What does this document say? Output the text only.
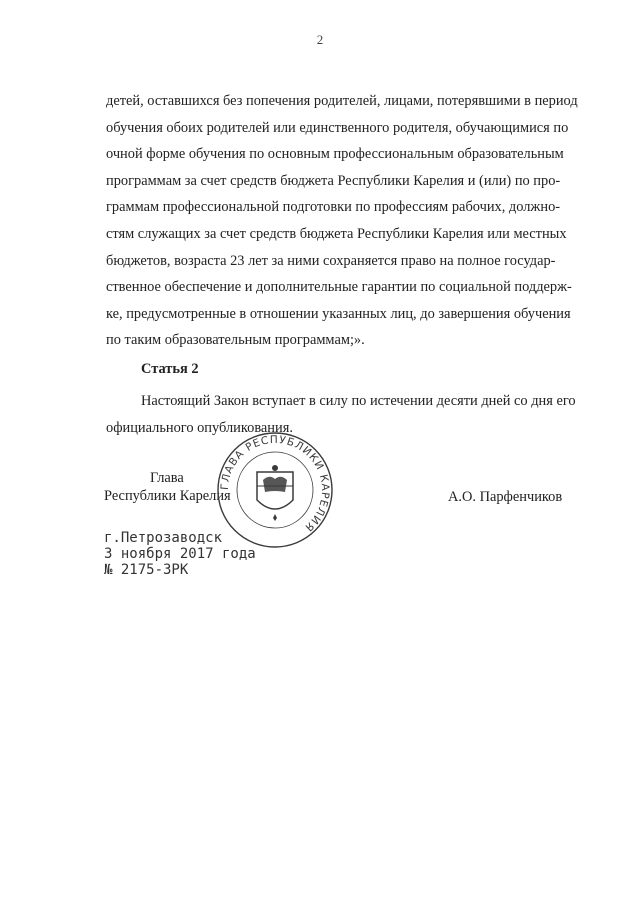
2
детей, оставшихся без попечения родителей, лицами, потерявшими в период
обучения обоих родителей или единственного родителя, обучающимися по
очной форме обучения по основным профессиональным образовательным
программам за счет средств бюджета Республики Карелия и (или) по про-
граммам профессиональной подготовки по профессиям рабочих, должно-
стям служащих за счет средств бюджета Республики Карелия или местных
бюджетов, возраста 23 лет за ними сохраняется право на полное государ-
ственное обеспечение и дополнительные гарантии по социальной поддерж-
ке, предусмотренные в отношении указанных лиц, до завершения обучения
по таким образовательным программам;».
Статья 2
Настоящий Закон вступает в силу по истечении десяти дней со дня его
официального опубликования.
Глава
Республики Карелия
ГЛАВА РЕСПУБЛИКИ КАРЕЛИЯ
А.О. Парфенчиков
г.Петрозаводск
3 ноября 2017 года
№ 2175-ЗРК
